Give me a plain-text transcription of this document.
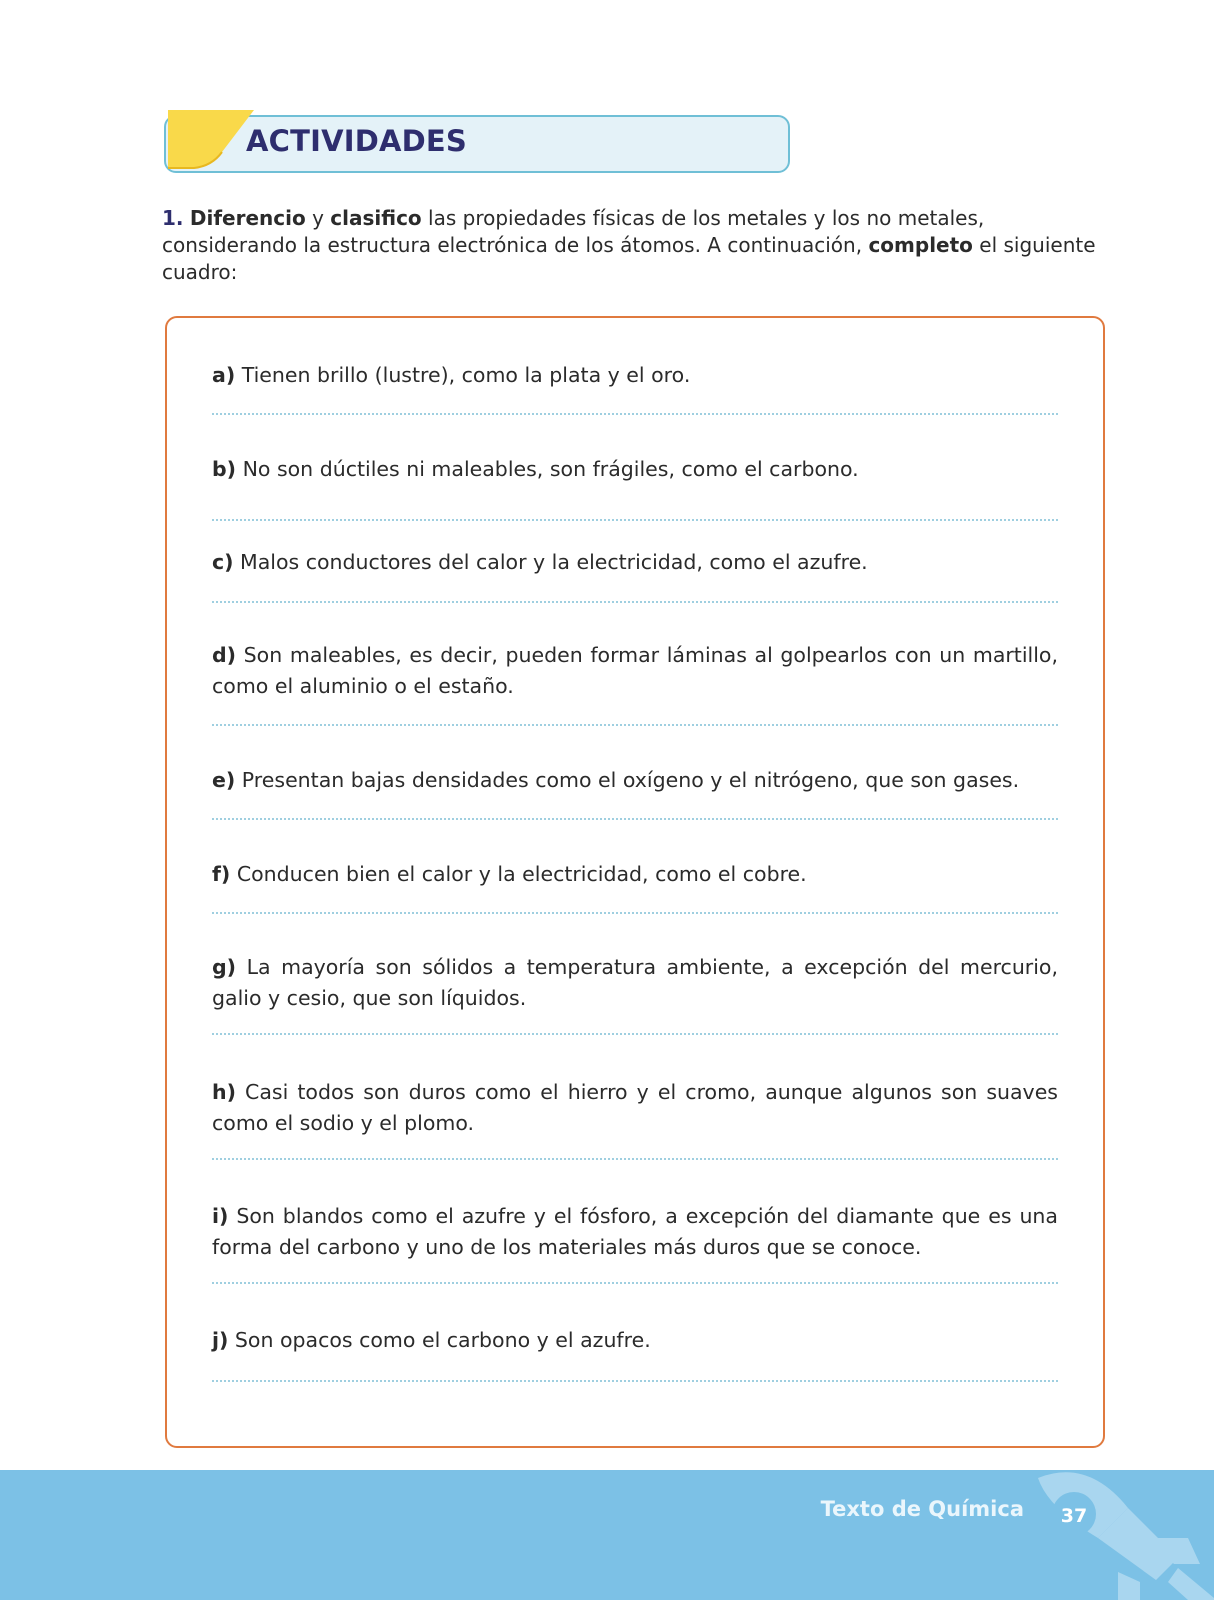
ACTIVIDADES
1. Diferencio y clasifico las propiedades físicas de los metales y los no metales, considerando la estructura electrónica de los átomos. A continuación, completo el siguiente cuadro:
a) Tienen brillo (lustre), como la plata y el oro.
b) No son dúctiles ni maleables, son frágiles, como el carbono.
c) Malos conductores del calor y la electricidad, como el azufre.
d) Son maleables, es decir, pueden formar láminas al golpearlos con un martillo, como el aluminio o el estaño.
e) Presentan bajas densidades como el oxígeno y el nitrógeno, que son gases.
f) Conducen bien el calor y la electricidad, como el cobre.
g) La mayoría son sólidos a temperatura ambiente, a excepción del mercurio, galio y cesio, que son líquidos.
h) Casi todos son duros como el hierro y el cromo, aunque algunos son suaves como el sodio y el plomo.
i) Son blandos como el azufre y el fósforo, a excepción del diamante que es una forma del carbono y uno de los materiales más duros que se conoce.
j) Son opacos como el carbono y el azufre.
Texto de Química	37
